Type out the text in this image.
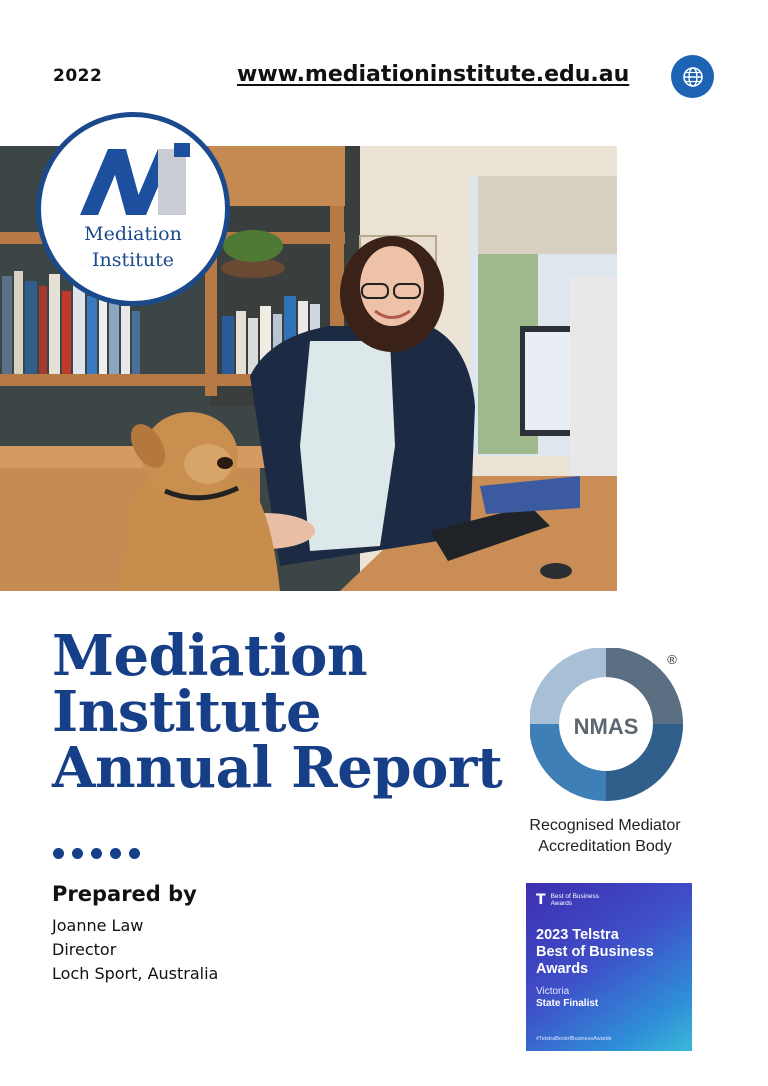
2022	www.mediationinstitute.edu.au
Mediation
Institute
Mediation
Institute
Annual Report
Prepared by
Joanne Law
Director
Loch Sport, Australia
NMAS
®
Recognised Mediator
Accreditation Body
T Best of Business
Awards
2023 Telstra
Best of Business
Awards
Victoria
State Finalist
#TelstraBestofBusinessAwards
